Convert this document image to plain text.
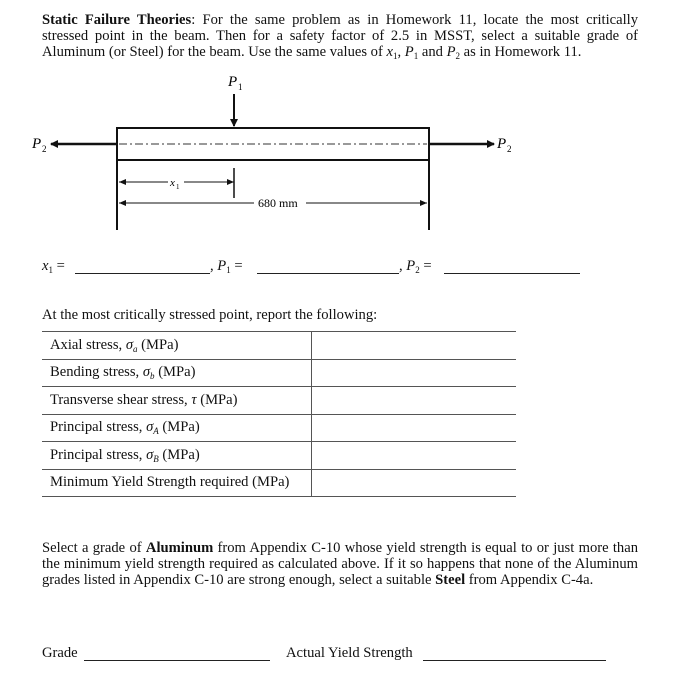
Static Failure Theories: For the same problem as in Homework 11, locate the most critically stressed point in the beam. Then for a safety factor of 2.5 in MSST, select a suitable grade of Aluminum (or Steel) for the beam. Use the same values of $x_1$, $P_1$ and $P_2$ as in Homework 11.
P 1
P 2	P 2
x 1
680 mm
$x_1$ =	, $P_1$ =	, $P_2$ =
At the most critically stressed point, report the following:
Axial stress, $\sigma_a$ (MPa)	
Bending stress, $\sigma_b$ (MPa)	
Transverse shear stress, τ (MPa)	
Principal stress, $\sigma_A$ (MPa)	
Principal stress, $\sigma_B$ (MPa)	
Minimum Yield Strength required (MPa)	
Select a grade of Aluminum from Appendix C-10 whose yield strength is equal to or just more than the minimum yield strength required as calculated above. If it so happens that none of the Aluminum grades listed in Appendix C-10 are strong enough, select a suitable Steel from Appendix C-4a.
Grade	Actual Yield Strength
